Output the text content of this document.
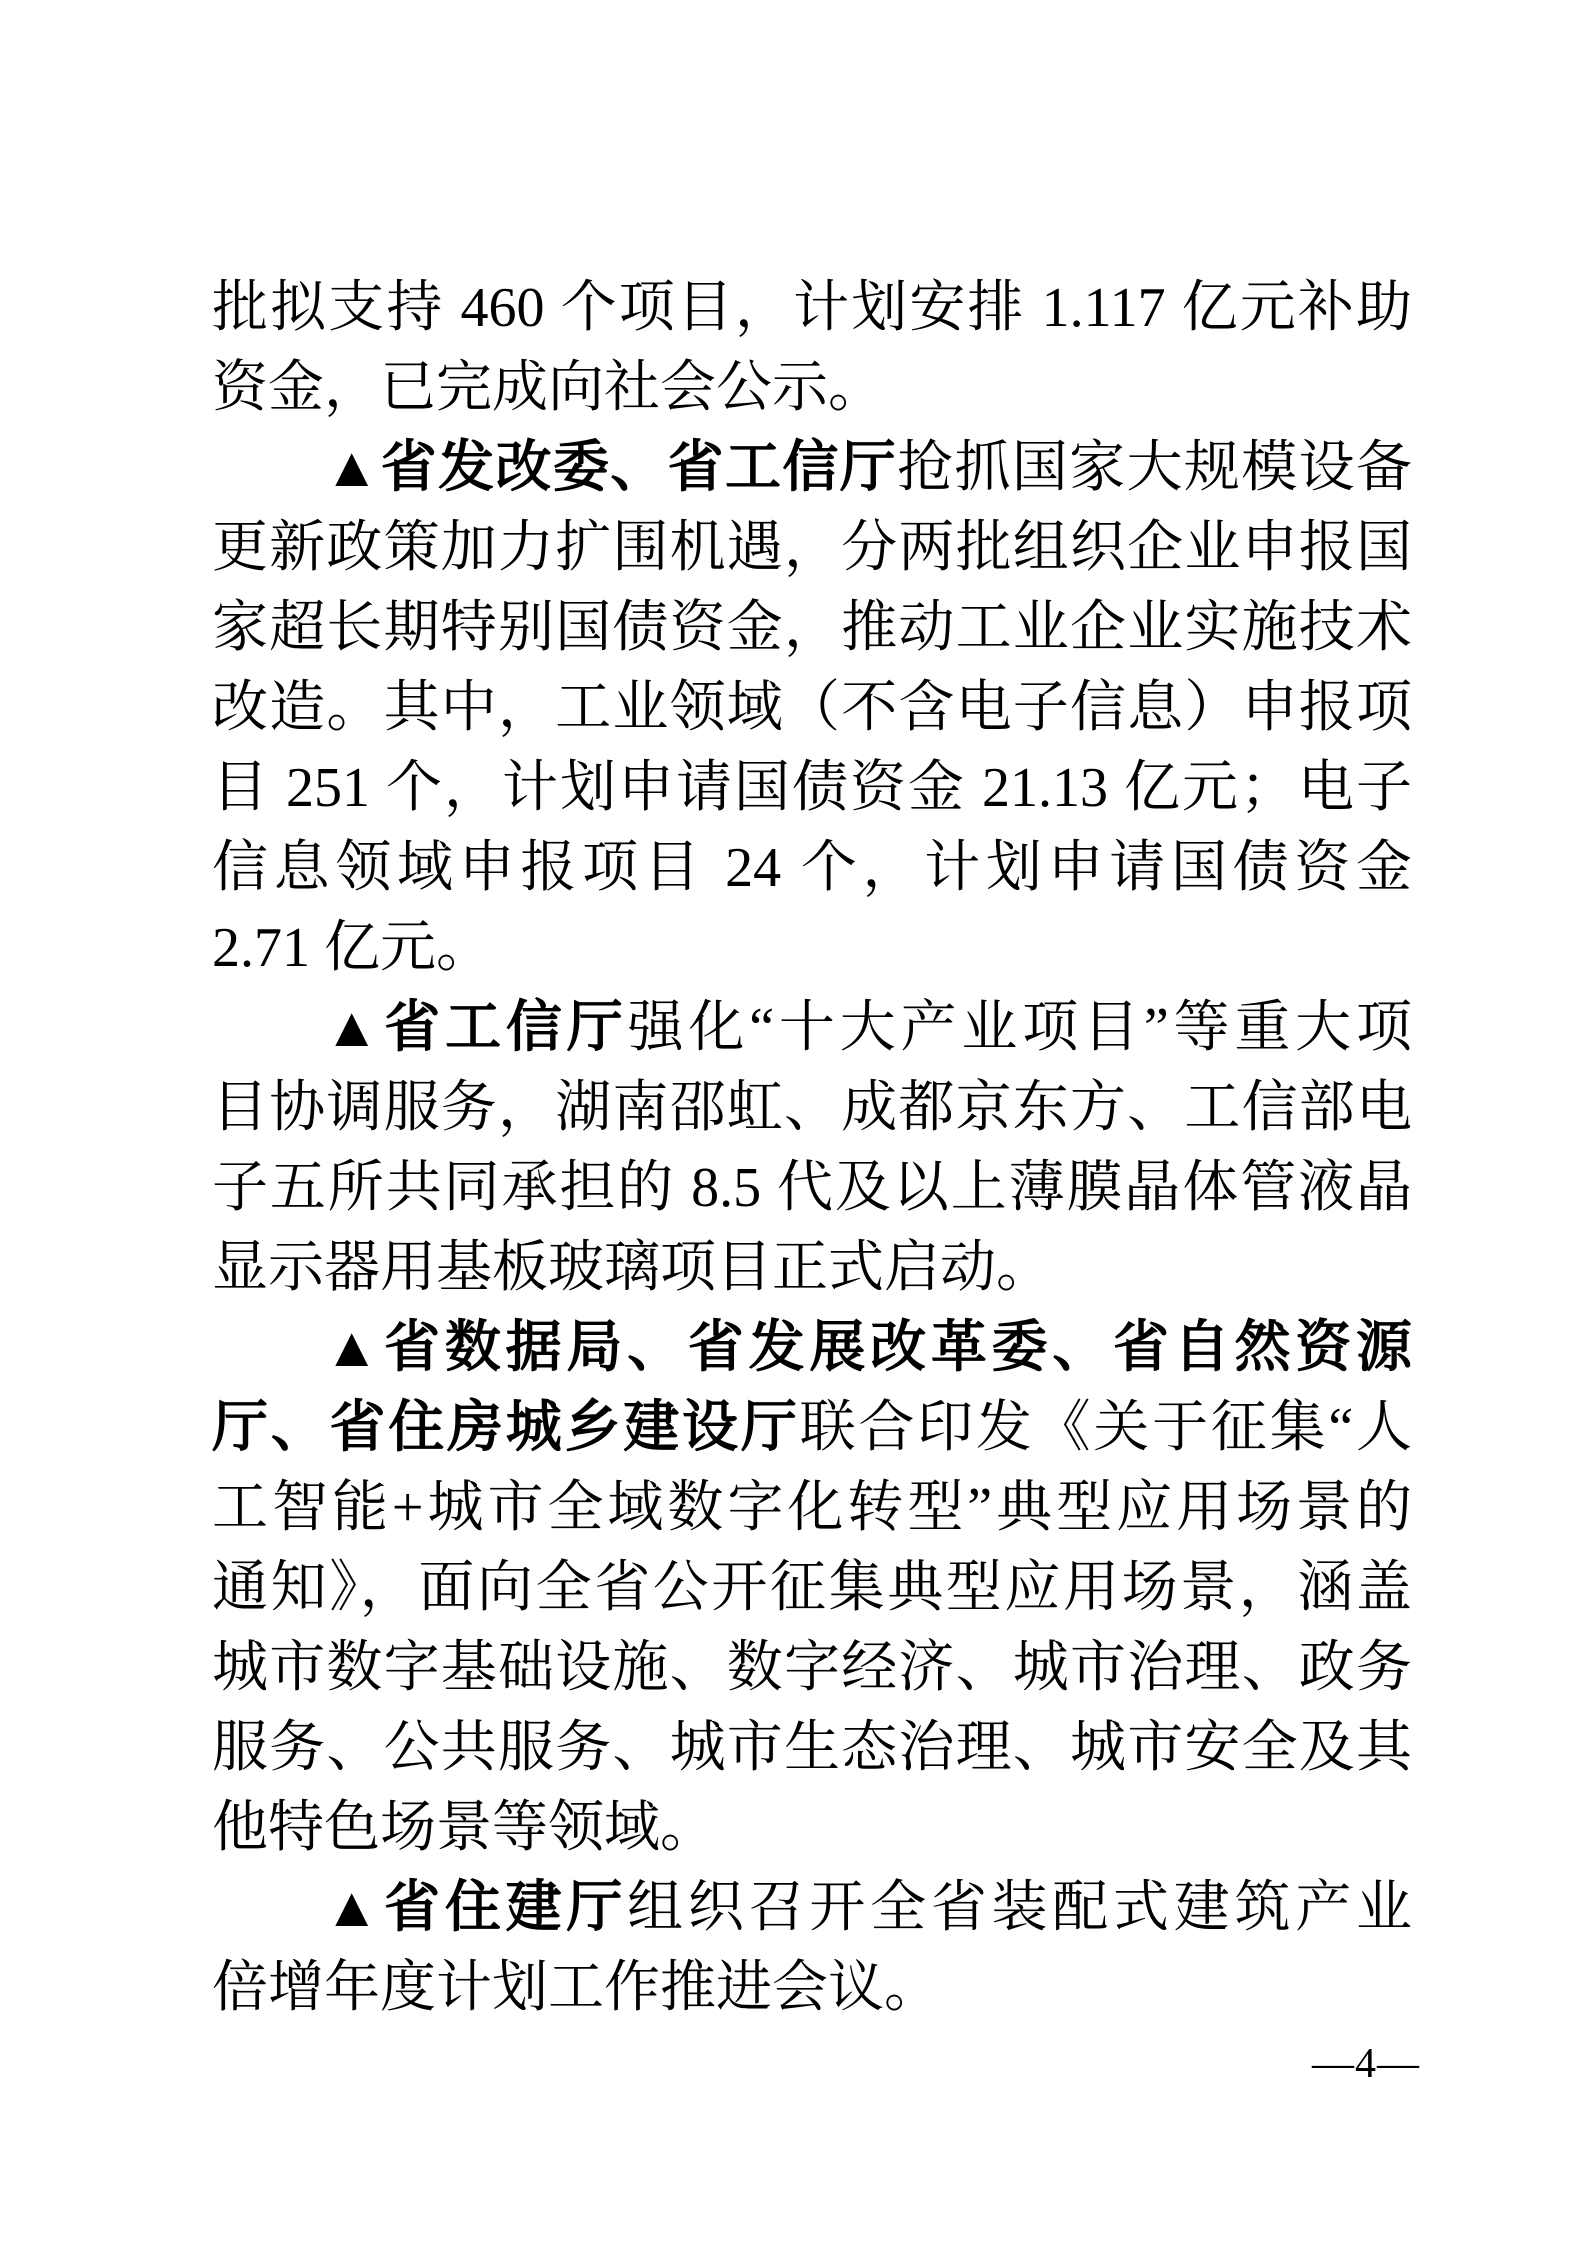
批拟支持 460 个项目，计划安排 1.117 亿元补助
资金，已完成向社会公示。
▲省发改委、省工信厅抢抓国家大规模设备
更新政策加力扩围机遇，分两批组织企业申报国
家超长期特别国债资金，推动工业企业实施技术
改造。其中，工业领域（不含电子信息）申报项
目 251 个，计划申请国债资金 21.13 亿元；电子
信息领域申报项目 24 个，计划申请国债资金
2.71 亿元。
▲省工信厅强化“十大产业项目”等重大项
目协调服务，湖南邵虹、成都京东方、工信部电
子五所共同承担的 8.5 代及以上薄膜晶体管液晶
显示器用基板玻璃项目正式启动。
▲省数据局、省发展改革委、省自然资源
厅、省住房城乡建设厅联合印发《关于征集“人
工智能+城市全域数字化转型”典型应用场景的
通知》，面向全省公开征集典型应用场景，涵盖
城市数字基础设施、数字经济、城市治理、政务
服务、公共服务、城市生态治理、城市安全及其
他特色场景等领域。
▲省住建厅组织召开全省装配式建筑产业
倍增年度计划工作推进会议。
—4—
